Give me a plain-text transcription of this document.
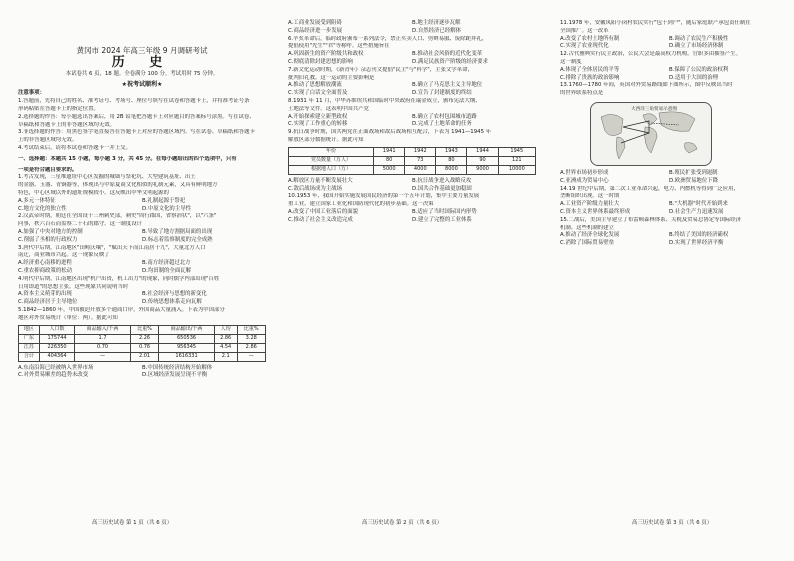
黄冈市 2024 年高三年级 9 月调研考试
历 史
本试卷共 6 页，18 题。全卷满分 100 分。考试用时 75 分钟。
★祝考试顺利★
注意事项：
1.答题前，先将自己的姓名、准考证号、考场号、座位号填写在试卷和答题卡上，并将准考证号条
形码粘贴在答题卡上的指定位置。
2.选择题的作答：每小题选出答案后，用 2B 铅笔把答题卡上对应题目的答案标号涂黑。写在试卷、
草稿纸和答题卡上的非答题区域均无效。
3.非选择题的作答：用黑色签字笔直接答在答题卡上对应的答题区域内。写在试卷、草稿纸和答题卡
上的非答题区域均无效。
4.考试结束后，请将本试卷和答题卡一并上交。
一、选择题：本题共 15 小题，每小题 3 分，共 45 分。在每小题给出的四个选项中，只有
一项是符合题目要求的。
1.考古发现，三星堆遗址中心区发掘的城墙与祭祀坑、大型建筑基址、出土
的金器、玉器、青铜器等，体现出与中原夏商文化相似的礼制元素，又具有鲜明地方
特色，中心区域以外的遗址规模较小。这反映出中华文明起源的
A.多元一体特征	B.礼制起源于祭祀
C.地方文化的独立性	D.中原文化的主导性
2.汉武帝时期，朝廷在全国设十三州刺史部，刺史"周行郡国，省察治状"，以"六条"
问事，秩六百石而监察二千石的郡守。这一制度设计
A.加强了中央对地方的控制	B.导致了地方割据局面的出现
C.削弱了丞相的行政权力	D.标志着监察制度的完全成熟
3.唐代中后期，江南地区"田畴沃壤"，"赋出天下而江南居十九"，大量北方人口
南迁，商业城市兴起。这一现象反映了
A.经济重心南移的进程	B.南方经济超过北方
C.重农抑商政策的松动	D.均田制的全面瓦解
4.明代中后期，江南地区出现"机户出资，机工出力"的现象，同时儒学内部出现"百姓
日用即道"的思想主张。这些现象共同说明当时
A.资本主义萌芽的出现	B.社会经济与思想的新变化
C.商品经济居于主导地位	D.传统思想体系走向瓦解
5.1842—1860 年，中国被迫开放多个通商口岸，外国商品大量涌入。下表为中国部分
地区对外贸易统计（单位：两）。据此可知
地区	人口数	商品输入/千两	比重%	商品输出/千两	人均	比重%
广东	175744	1.7	2.26	650536	2.86	3.28
江苏	226350	0.70	0.76	956345	4.54	2.86
合计	404364	—	2.01	1616331	2.1	—
A.东南沿海已经被纳入世界市场	B.中国传统经济结构开始解体
C.对外贸易顺差的趋势未改变	D.区域经济发展呈现不平衡
A.工商业发展受到阻碍	B.地主经济逐步瓦解
C.商品经济进一步发展	D.自然经济已经解体
6.辛亥革命后，临时政府颁布一系列法令，禁止买卖人口、剪辫易服、废除跪拜礼，
提倡使用"先生""君"等称呼。这些措施旨在
A.巩固新生的资产阶级共和政权	B.推动社会风俗的近代化变革
C.彻底清除封建思想的影响	D.满足民族资产阶级的经济要求
7.新文化运动时期，《新青年》杂志刊文提倡"民主"与"科学"，主张文学革命，
批判旧礼教。这一运动的主要影响是
A.推动了思想解放潮流	B.确立了马克思主义主导地位
C.实现了白话文全面普及	D.宣告了封建制度的终结
8.1931 年 11 月，中华苏维埃共和国临时中央政府在瑞金成立，颁布宪法大纲、
土地法等文件。这表明中国共产党
A.开始探索建立新型政权	B.确立了农村包围城市道路
C.实现了工作重心的转移	D.完成了土地革命的任务
9.抗日战争时期，国共两党在正面战场和敌后战场相互配合，下表为 1941—1945 年
解放区部分数据统计。据此可知
年份	1941	1942	1943	1944	1945
党员数量（万人）	80	73	80	90	121
根据地人口（万）	5000	4000	8000	9000	10000
A.解放区力量不断发展壮大	B.抗日战争进入战略反攻
C.敌后战场成为主战场	D.国共合作基础更加稳固
10.1953 年，我国开始实施发展国民经济的第一个五年计划，集中主要力量发展
重工业，建立国家工业化和国防现代化的初步基础。这一决策
A.改变了中国工业落后的面貌	B.适应了当时国际国内形势
C.推动了社会主义改造完成	D.建立了完整的工业体系
11.1978 年，安徽凤阳小岗村农民实行"包干到户"，随后家庭联产承包责任制在
全国推广。这一改革
A.改变了农村土地所有制	B.调动了农民生产积极性
C.实现了农业现代化	D.确立了市场经济体制
12.古代雅典实行民主政治，公民大会是最高权力机构，官职多由抽签产生。
这一制度
A.体现了全体居民的平等	B.保障了公民的政治权利
C.排除了贵族的政治影响	D.适用于大国的治理
13.1760—1780 年间，英国对外贸易路线如下图所示，图中反映出当时
的世界联系特点是
大西洋三角贸易示意图
A.世界市场初步形成	B.殖民扩张受到遏制
C.亚洲成为贸易中心	D.欧洲贸易地位下降
14.19 世纪中后期，第二次工业革命兴起，电力、内燃机等得到广泛应用，
垄断组织出现。这一时期
A.工业资产阶级力量壮大	B."大机器"时代开始到来
C.资本主义世界体系最终形成	D.社会生产力迅速发展
15.二战后，美国主导建立了布雷顿森林体系、关税及贸易总协定等国际经济
机制。这些机制的建立
A.推动了经济全球化发展	B.终结了美国的经济霸权
C.消除了国际贸易壁垒	D.实现了世界经济平衡
高三历史试卷 第 1 页（共 6 页）	高三历史试卷 第 2 页（共 6 页）	高三历史试卷 第 3 页（共 6 页）
